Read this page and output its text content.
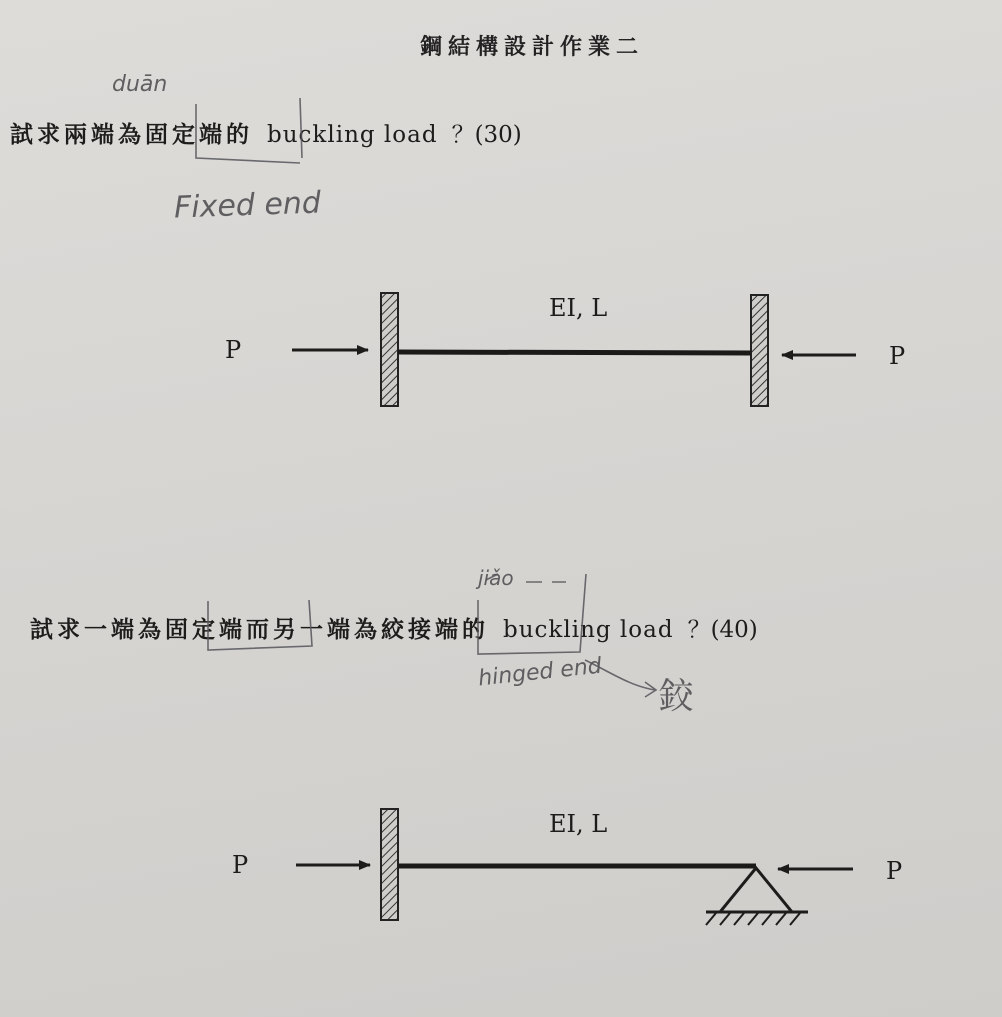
鋼結構設計作業二
試求兩端為固定端的 buckling load ？(30)
試求一端為固定端而另一端為絞接端的 buckling load ？(40)
duān
Fixed end
jiǎo
hinged end
鉸
P	P
EI, L
P	P
EI, L
